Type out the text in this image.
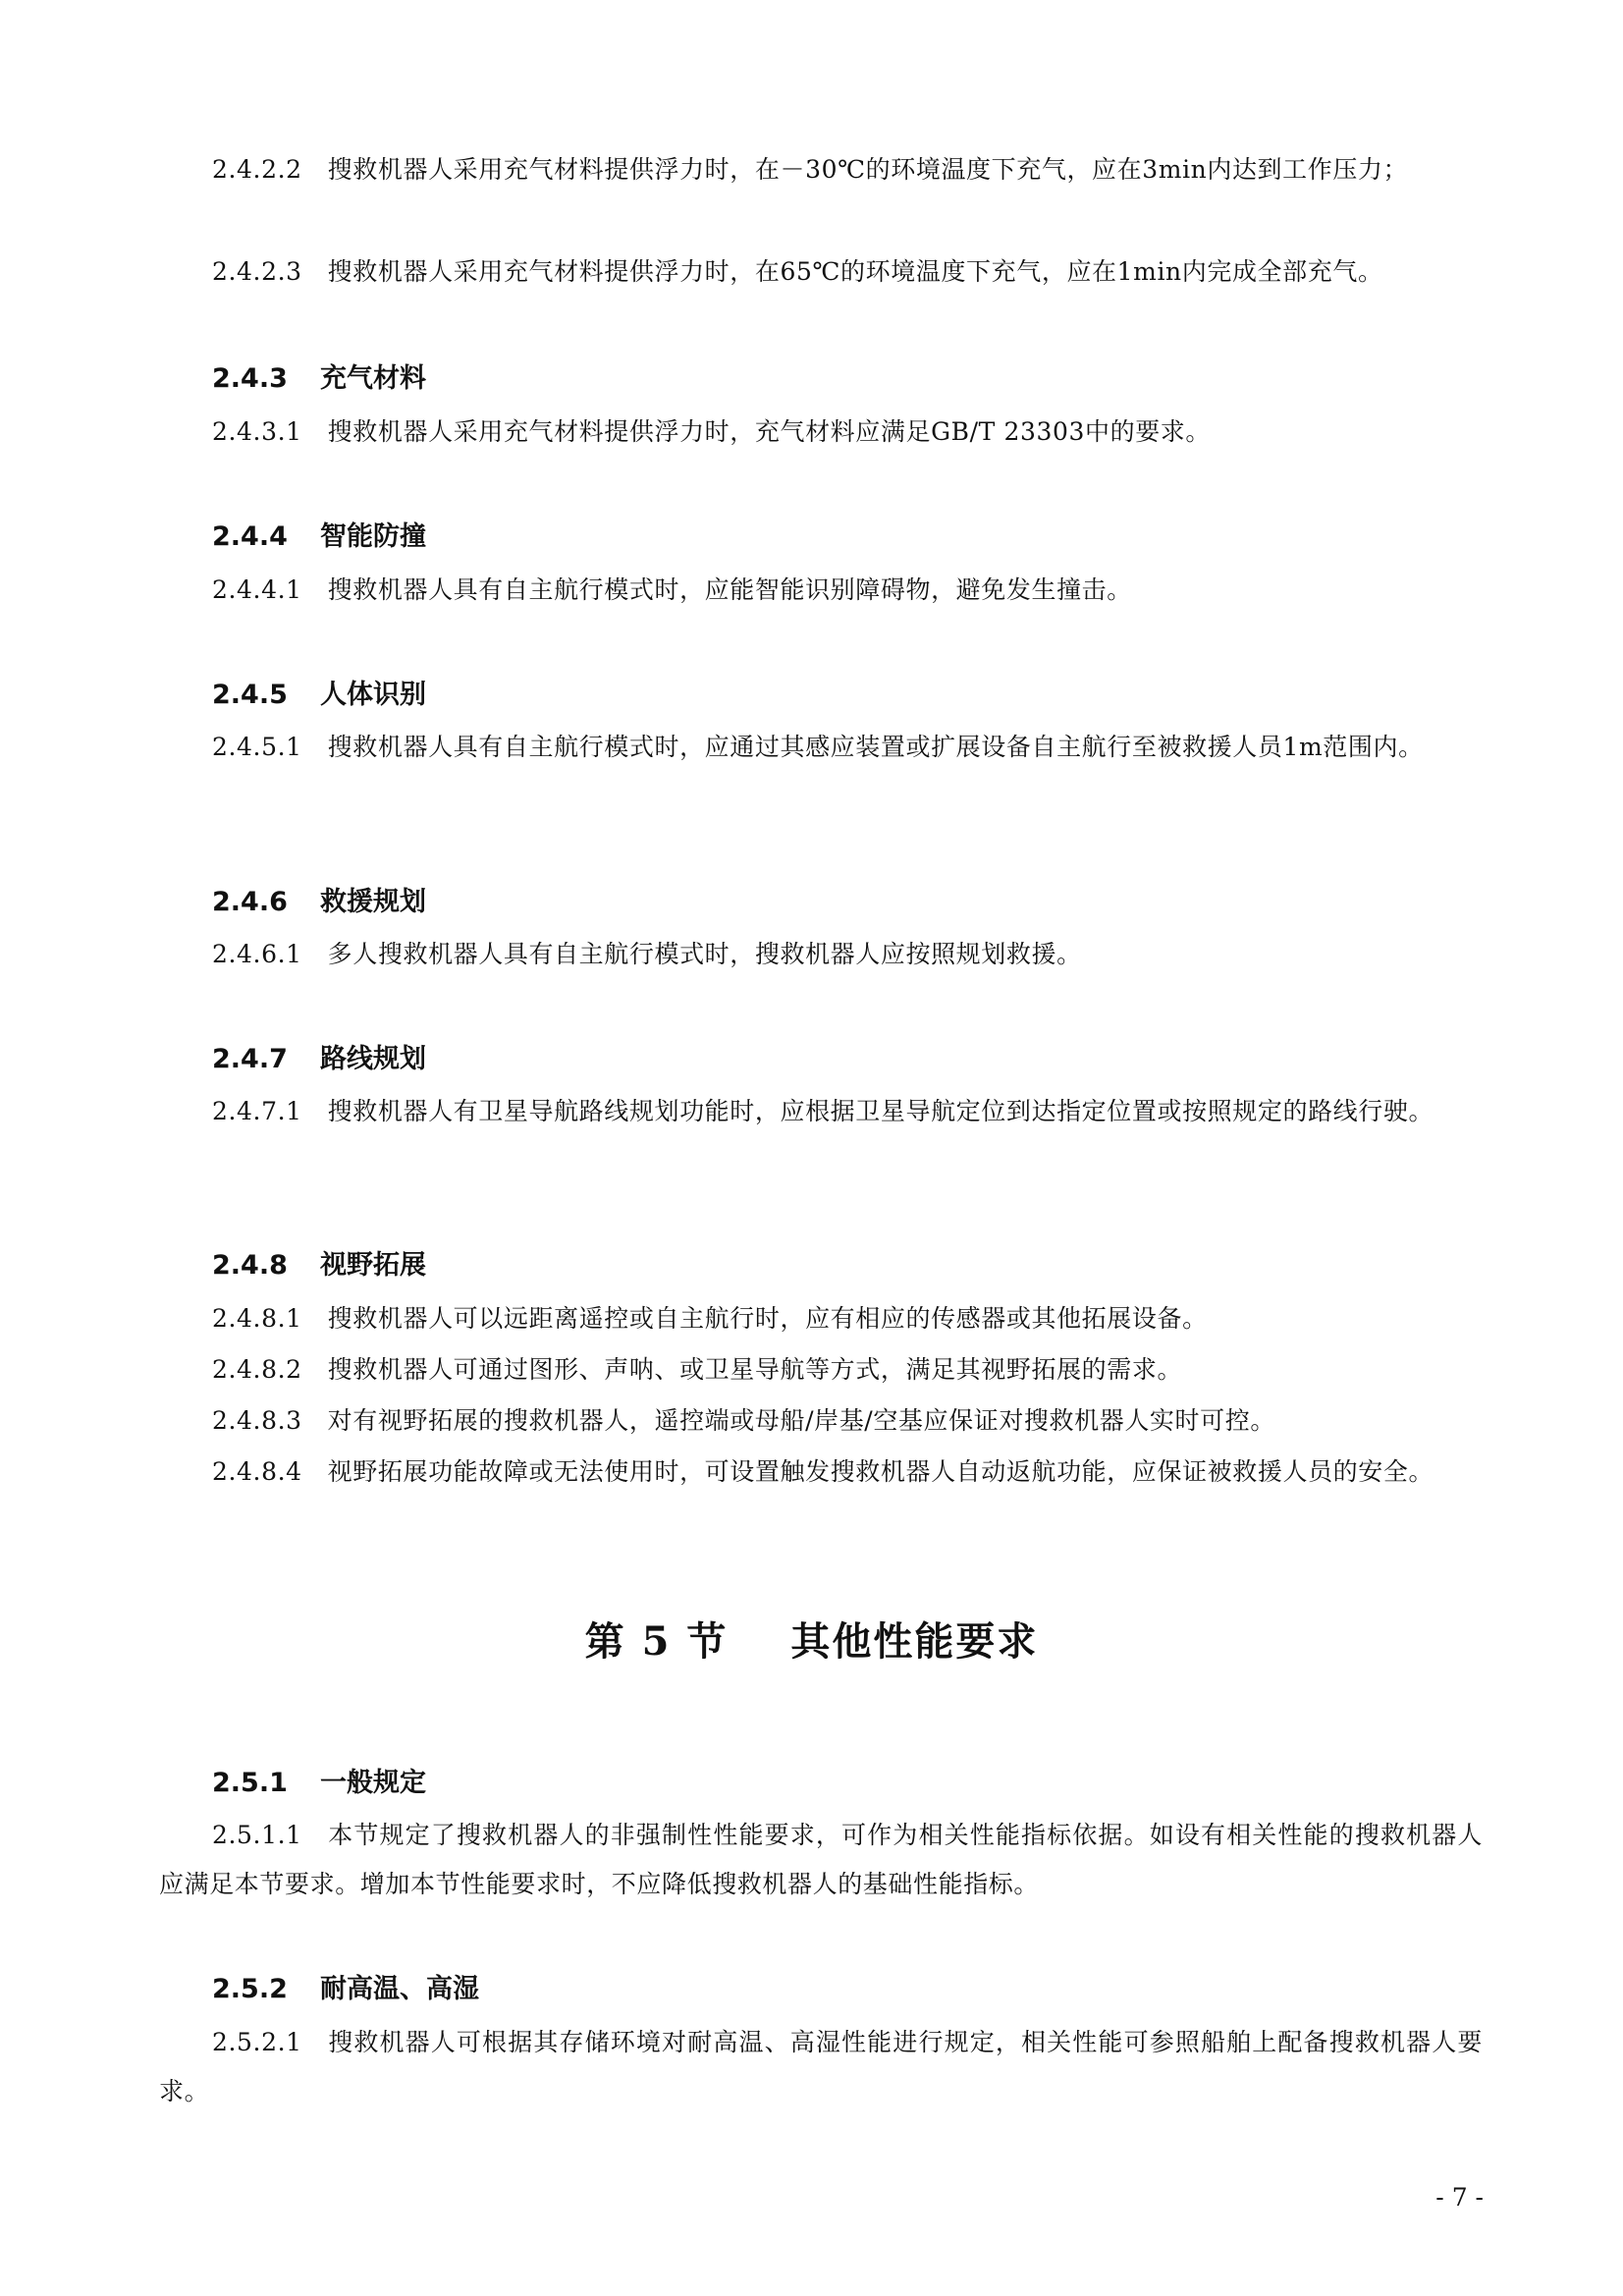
2.4.2.2 搜救机器人采用充气材料提供浮力时，在－30℃的环境温度下充气，应在3min内达到工作压力；

2.4.2.3 搜救机器人采用充气材料提供浮力时，在65℃的环境温度下充气，应在1min内完成全部充气。

2.4.3 充气材料

2.4.3.1 搜救机器人采用充气材料提供浮力时，充气材料应满足GB/T 23303中的要求。

2.4.4 智能防撞

2.4.4.1 搜救机器人具有自主航行模式时，应能智能识别障碍物，避免发生撞击。

2.4.5 人体识别

2.4.5.1 搜救机器人具有自主航行模式时，应通过其感应装置或扩展设备自主航行至被救援人员1m范围内。

2.4.6 救援规划

2.4.6.1 多人搜救机器人具有自主航行模式时，搜救机器人应按照规划救援。

2.4.7 路线规划

2.4.7.1 搜救机器人有卫星导航路线规划功能时，应根据卫星导航定位到达指定位置或按照规定的路线行驶。

2.4.8 视野拓展

2.4.8.1 搜救机器人可以远距离遥控或自主航行时，应有相应的传感器或其他拓展设备。

2.4.8.2 搜救机器人可通过图形、声呐、或卫星导航等方式，满足其视野拓展的需求。

2.4.8.3 对有视野拓展的搜救机器人，遥控端或母船/岸基/空基应保证对搜救机器人实时可控。

2.4.8.4 视野拓展功能故障或无法使用时，可设置触发搜救机器人自动返航功能，应保证被救援人员的安全。

第 5 节 其他性能要求
2.5.1 一般规定

2.5.1.1 本节规定了搜救机器人的非强制性性能要求，可作为相关性能指标依据。如设有相关性能的搜救机器人应满足本节要求。增加本节性能要求时，不应降低搜救机器人的基础性能指标。

2.5.2 耐高温、高湿

2.5.2.1 搜救机器人可根据其存储环境对耐高温、高湿性能进行规定，相关性能可参照船舶上配备搜救机器人要求。

- 7 -
